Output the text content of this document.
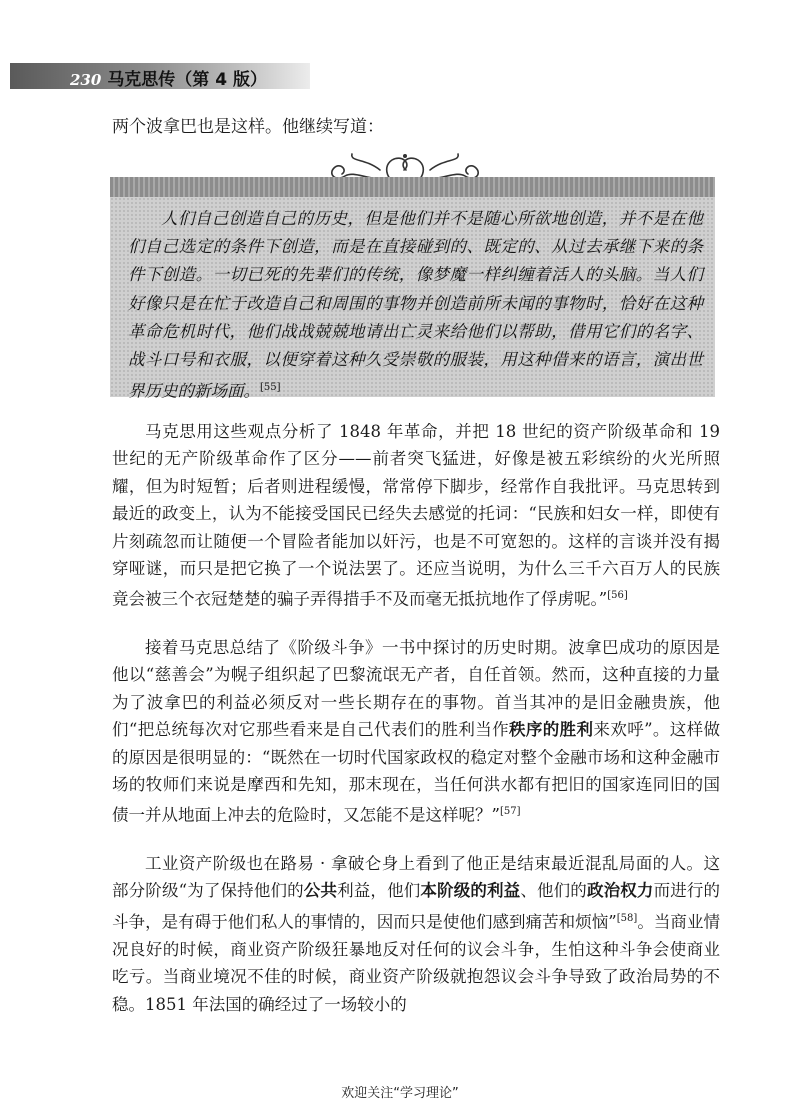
230 马克思传（第 4 版）
两个波拿巴也是这样。他继续写道：

人们自己创造自己的历史，但是他们并不是随心所欲地创造，并不是在他们自己选定的条件下创造，而是在直接碰到的、既定的、从过去承继下来的条件下创造。一切已死的先辈们的传统，像梦魔一样纠缠着活人的头脑。当人们好像只是在忙于改造自己和周围的事物并创造前所未闻的事物时，恰好在这种革命危机时代，他们战战兢兢地请出亡灵来给他们以帮助，借用它们的名字、战斗口号和衣服，以便穿着这种久受崇敬的服装，用这种借来的语言，演出世界历史的新场面。[55]

马克思用这些观点分析了 1848 年革命，并把 18 世纪的资产阶级革命和 19 世纪的无产阶级革命作了区分——前者突飞猛进，好像是被五彩缤纷的火光所照耀，但为时短暂；后者则进程缓慢，常常停下脚步，经常作自我批评。马克思转到最近的政变上，认为不能接受国民已经失去感觉的托词：“民族和妇女一样，即使有片刻疏忽而让随便一个冒险者能加以奸污，也是不可宽恕的。这样的言谈并没有揭穿哑谜，而只是把它换了一个说法罢了。还应当说明，为什么三千六百万人的民族竟会被三个衣冠楚楚的骗子弄得措手不及而毫无抵抗地作了俘虏呢。”[56]

接着马克思总结了《阶级斗争》一书中探讨的历史时期。波拿巴成功的原因是他以“慈善会”为幌子组织起了巴黎流氓无产者，自任首领。然而，这种直接的力量为了波拿巴的利益必须反对一些长期存在的事物。首当其冲的是旧金融贵族，他们“把总统每次对它那些看来是自己代表们的胜利当作秩序的胜利来欢呼”。这样做的原因是很明显的：“既然在一切时代国家政权的稳定对整个金融市场和这种金融市场的牧师们来说是摩西和先知，那末现在，当任何洪水都有把旧的国家连同旧的国债一并从地面上冲去的危险时，又怎能不是这样呢？”[57]

工业资产阶级也在路易 · 拿破仑身上看到了他正是结束最近混乱局面的人。这部分阶级“为了保持他们的公共利益，他们本阶级的利益、他们的政治权力而进行的斗争，是有碍于他们私人的事情的，因而只是使他们感到痛苦和烦恼”[58]。当商业情况良好的时候，商业资产阶级狂暴地反对任何的议会斗争，生怕这种斗争会使商业吃亏。当商业境况不佳的时候，商业资产阶级就抱怨议会斗争导致了政治局势的不稳。1851 年法国的确经过了一场较小的

欢迎关注“学习理论”
